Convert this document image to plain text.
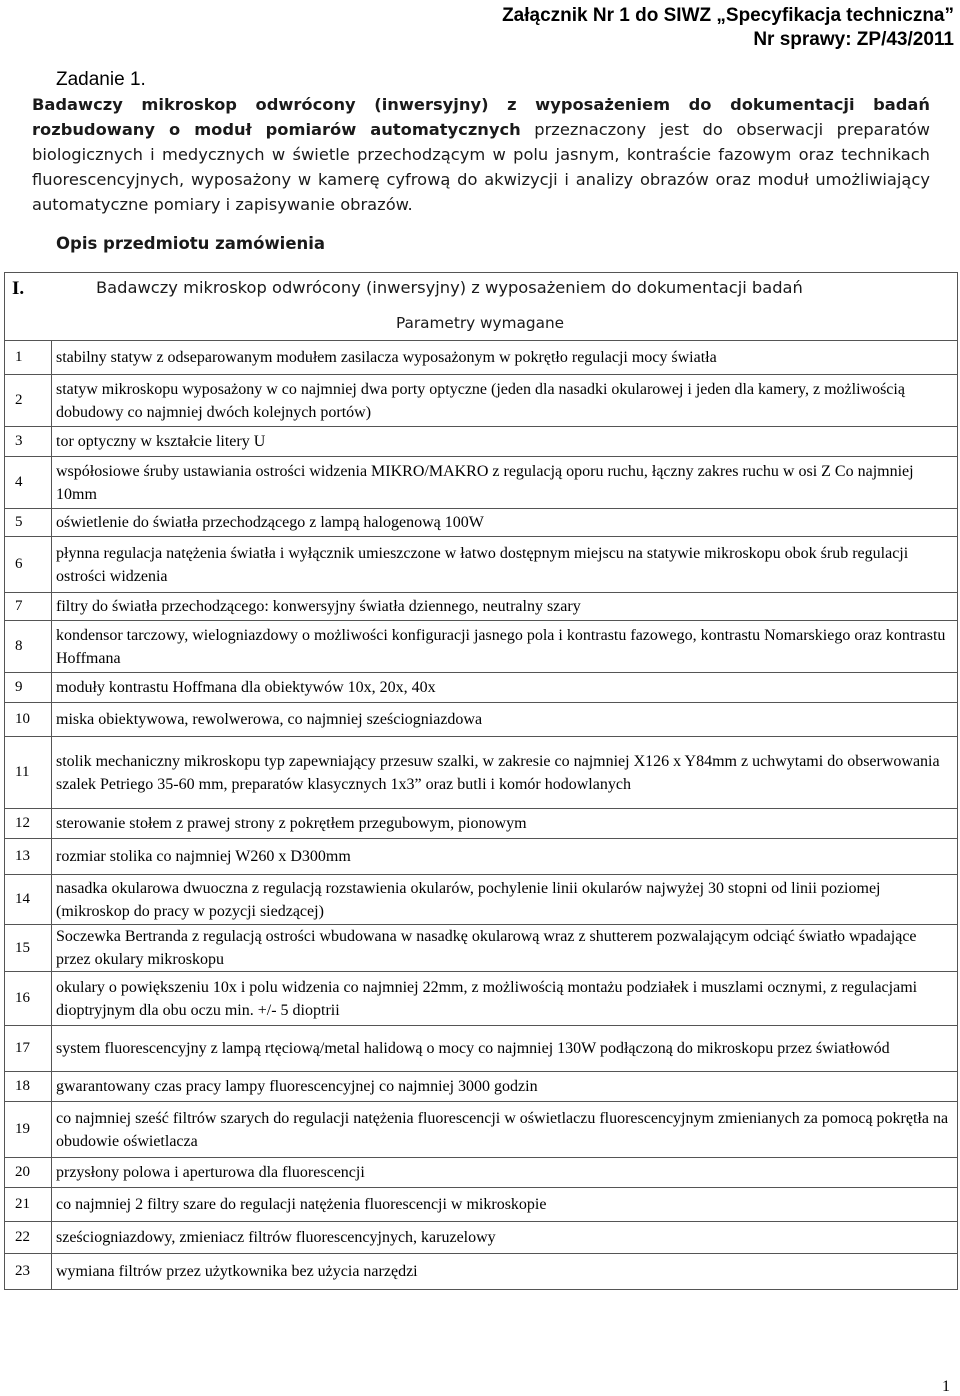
Załącznik Nr 1 do SIWZ „Specyfikacja techniczna”
Nr sprawy: ZP/43/2011
Zadanie 1.
Badawczy mikroskop odwrócony (inwersyjny) z wyposażeniem do dokumentacji badań rozbudowany o moduł pomiarów automatycznych przeznaczony jest do obserwacji preparatów biologicznych i medycznych w świetle przechodzącym w polu jasnym, kontraście fazowym oraz technikach fluorescencyjnych, wyposażony w kamerę cyfrową do akwizycji i analizy obrazów oraz moduł umożliwiający automatyczne pomiary i zapisywanie obrazów.
Opis przedmiotu zamówienia
I.	Badawczy mikroskop odwrócony (inwersyjny) z wyposażeniem do dokumentacji badań
Parametry wymagane
1	stabilny statyw z odseparowanym modułem zasilacza wyposażonym w pokrętło regulacji mocy światła
2	statyw mikroskopu wyposażony w co najmniej dwa porty optyczne (jeden dla nasadki okularowej i jeden dla kamery, z możliwością dobudowy co najmniej dwóch kolejnych portów)
3	tor optyczny w kształcie litery U
4	współosiowe śruby ustawiania ostrości widzenia MIKRO/MAKRO z regulacją oporu ruchu, łączny zakres ruchu w osi Z Co najmniej 10mm
5	oświetlenie do światła przechodzącego z lampą halogenową 100W
6	płynna regulacja natężenia światła i wyłącznik umieszczone w łatwo dostępnym miejscu na statywie mikroskopu obok śrub regulacji ostrości widzenia
7	filtry do światła przechodzącego: konwersyjny światła dziennego, neutralny szary
8	kondensor tarczowy, wielogniazdowy o możliwości konfiguracji jasnego pola i kontrastu fazowego, kontrastu Nomarskiego oraz kontrastu Hoffmana
9	moduły kontrastu Hoffmana dla obiektywów 10x, 20x, 40x
10	miska obiektywowa, rewolwerowa, co najmniej sześciogniazdowa
11	stolik mechaniczny mikroskopu typ zapewniający przesuw szalki, w zakresie co najmniej X126 x Y84mm z uchwytami do obserwowania szalek Petriego 35-60 mm, preparatów klasycznych 1x3” oraz butli i komór hodowlanych
12	sterowanie stołem z prawej strony z pokrętłem przegubowym, pionowym
13	rozmiar stolika co najmniej W260 x D300mm
14	nasadka okularowa dwuoczna z regulacją rozstawienia okularów, pochylenie linii okularów najwyżej 30 stopni od linii poziomej (mikroskop do pracy w pozycji siedzącej)
15	Soczewka Bertranda z regulacją ostrości wbudowana w nasadkę okularową wraz z shutterem pozwalającym odciąć światło wpadające przez okulary mikroskopu
16	okulary o powiększeniu 10x i polu widzenia co najmniej 22mm, z możliwością montażu podziałek i muszlami ocznymi, z regulacjami dioptryjnym dla obu oczu min. +/- 5 dioptrii
17	system fluorescencyjny z lampą rtęciową/metal halidową o mocy co najmniej 130W podłączoną do mikroskopu przez światłowód
18	gwarantowany czas pracy lampy fluorescencyjnej co najmniej 3000 godzin
19	co najmniej sześć filtrów szarych do regulacji natężenia fluorescencji w oświetlaczu fluorescencyjnym zmienianych za pomocą pokrętła na obudowie oświetlacza
20	przysłony polowa i aperturowa dla fluorescencji
21	co najmniej 2 filtry szare do regulacji natężenia fluorescencji w mikroskopie
22	sześciogniazdowy, zmieniacz filtrów fluorescencyjnych, karuzelowy
23	wymiana filtrów przez użytkownika bez użycia narzędzi
1
